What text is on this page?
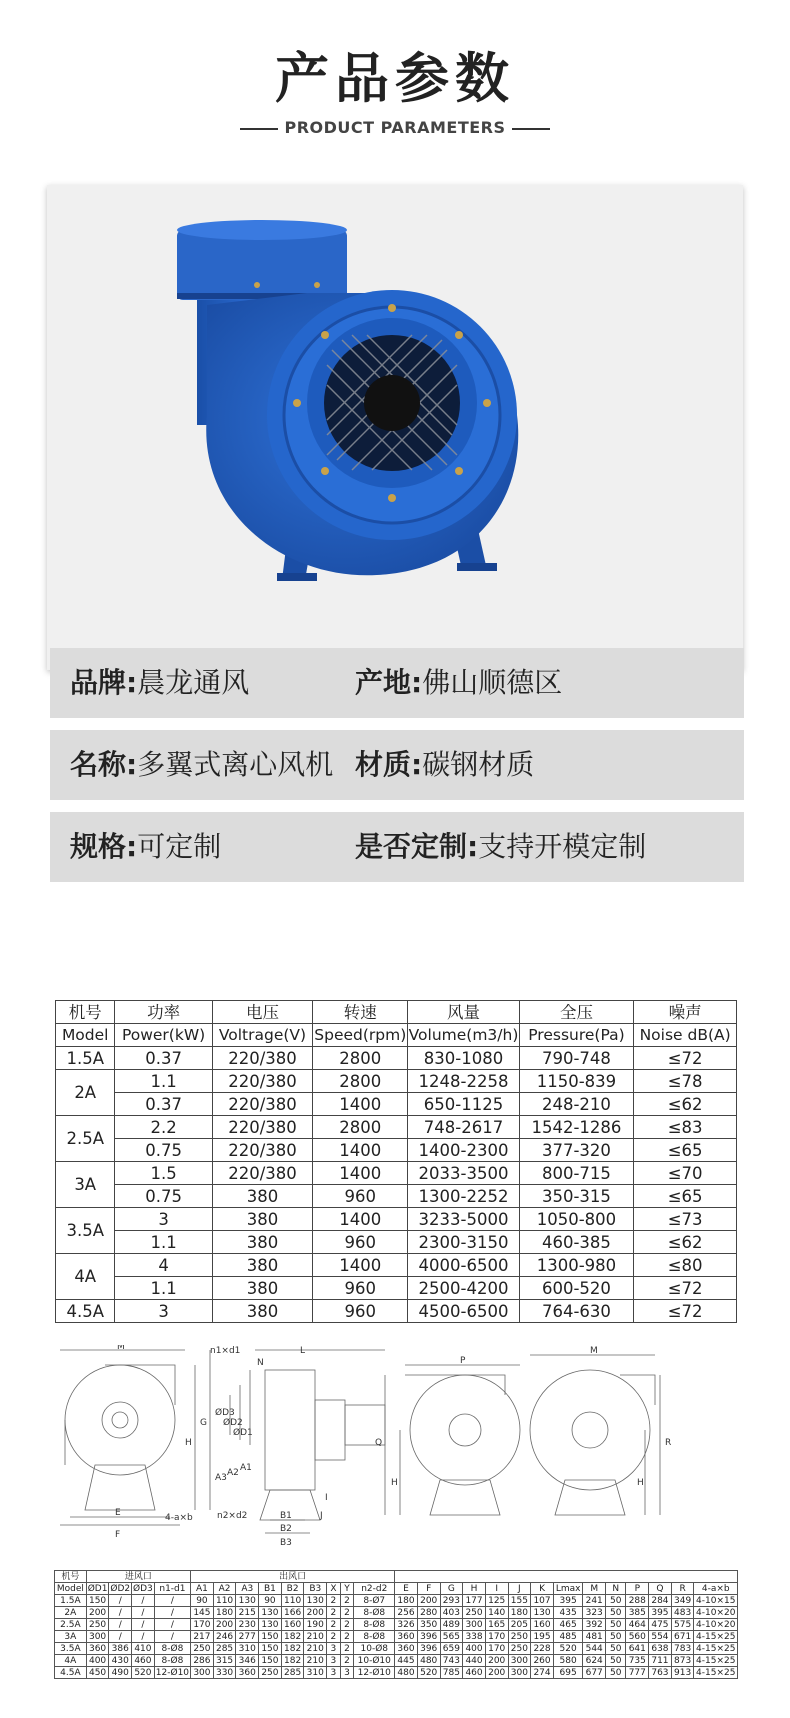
产品参数
PRODUCT PARAMETERS
品牌:晨龙通风	产地:佛山顺德区
名称:多翼式离心风机 材质:碳钢材质
规格:可定制	是否定制:支持开模定制
机号	功率	电压	转速	风量	全压	噪声
Model	Power(kW)	Voltrage(V)	Speed(rpm)	Volume(m3/h)	Pressure(Pa)	Noise dB(A)
1.5A	0.37	220/380	2800	830-1080	790-748	≤72
2A	1.1	220/380	2800	1248-2258	1150-839	≤78
	0.37	220/380	1400	650-1125	248-210	≤62
2.5A	2.2	220/380	2800	748-2617	1542-1286	≤83
	0.75	220/380	1400	1400-2300	377-320	≤65
3A	1.5	220/380	1400	2033-3500	800-715	≤70
	0.75	380	960	1300-2252	350-315	≤65
3.5A	3	380	1400	3233-5000	1050-800	≤73
	1.1	380	960	2300-3150	460-385	≤62
4A	4	380	1400	4000-6500	1300-980	≤80
	1.1	380	960	2500-4200	600-520	≤72
4.5A	3	380	960	4500-6500	764-630	≤72
M
H
G
E
F
4-a×b
n1×d1
N
L
ØD3
ØD2
ØD1
A3 A2 A1
I
J
n2×d2	B1
B2
B3
P
Q
H
M
R
H
机号	进风口				出风口																						
Model	ØD1	ØD2	ØD3	n1-d1	A1	A2	A3	B1	B2	B3	X	Y	n2-d2	E	F	G	H	I	J	K	Lmax	M	N	P	Q	R	4-a×b
1.5A	150	/	/	/	90	110	130	90	110	130	2	2	8-Ø7	180	200	293	177	125	155	107	395	241	50	288	284	349	4-10×15
2A	200	/	/	/	145	180	215	130	166	200	2	2	8-Ø8	256	280	403	250	140	180	130	435	323	50	385	395	483	4-10×20
2.5A	250	/	/	/	170	200	230	130	160	190	2	2	8-Ø8	326	350	489	300	165	205	160	465	392	50	464	475	575	4-10×20
3A	300	/	/	/	217	246	277	150	182	210	2	2	8-Ø8	360	396	565	338	170	250	195	485	481	50	560	554	671	4-15×25
3.5A	360	386	410	8-Ø8	250	285	310	150	182	210	3	2	10-Ø8	360	396	659	400	170	250	228	520	544	50	641	638	783	4-15×25
4A	400	430	460	8-Ø8	286	315	346	150	182	210	3	2	10-Ø10	445	480	743	440	200	300	260	580	624	50	735	711	873	4-15×25
4.5A	450	490	520	12-Ø10	300	330	360	250	285	310	3	3	12-Ø10	480	520	785	460	200	300	274	695	677	50	777	763	913	4-15×25
